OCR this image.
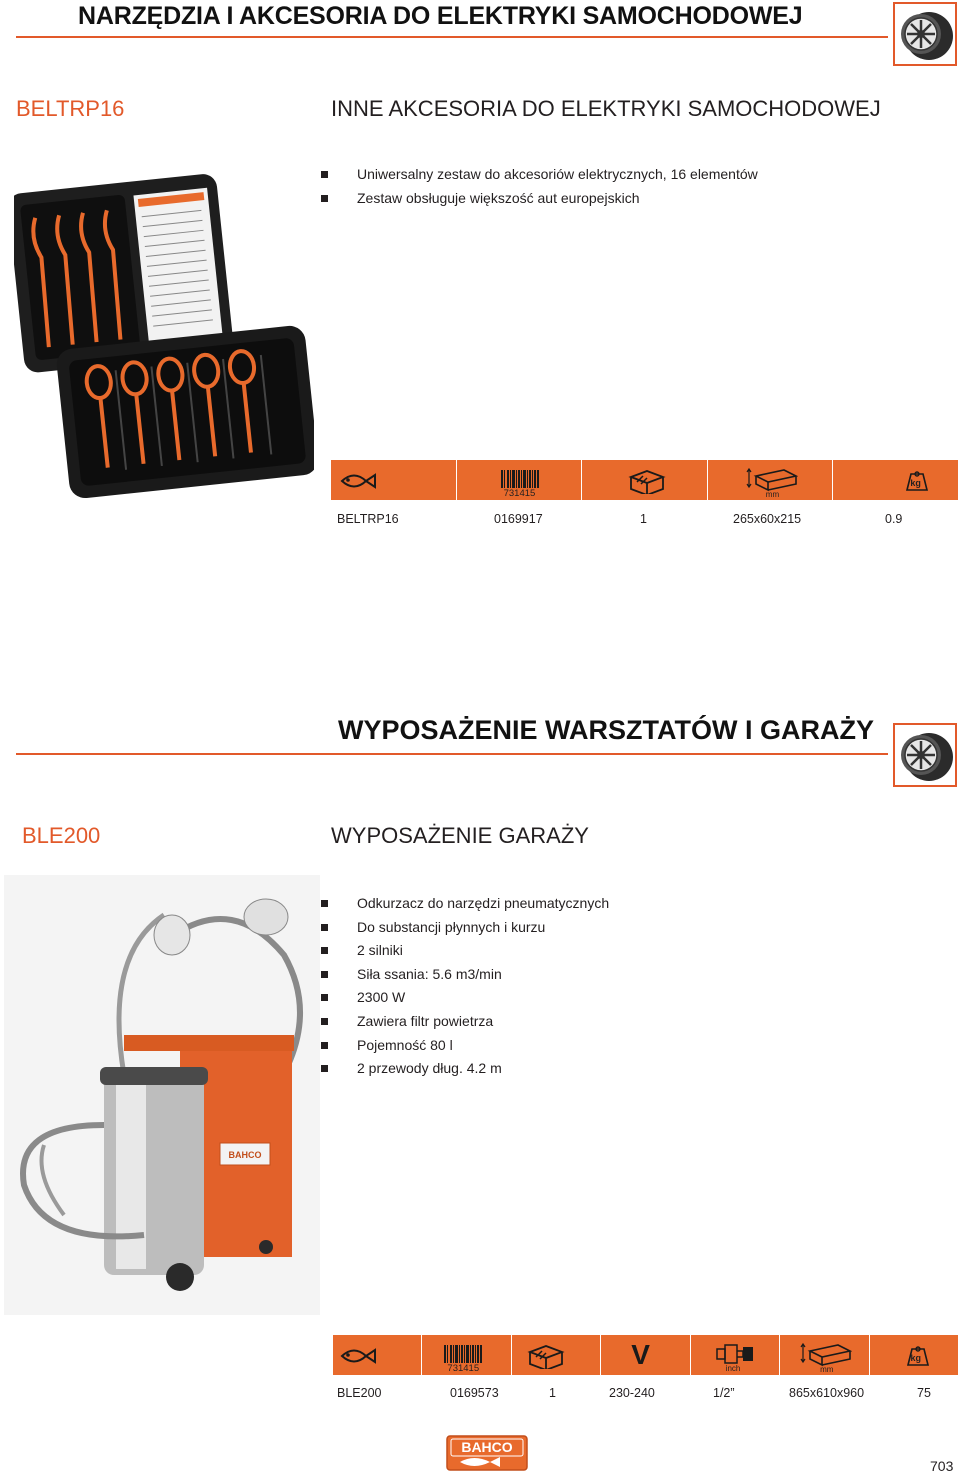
NARZĘDZIA I AKCESORIA DO ELEKTRYKI SAMOCHODOWEJ
BELTRP16	INNE AKCESORIA DO ELEKTRYKI SAMOCHODOWEJ
Uniwersalny zestaw do akcesoriów elektrycznych, 16 elementów
Zestaw obsługuje większość aut europejskich
731415	mm
kg
BELTRP16	0169917	1	265x60x215	0.9
WYPOSAŻENIE WARSZTATÓW I GARAŻY
BLE200	WYPOSAŻENIE GARAŻY
Odkurzacz do narzędzi pneumatycznych
Do substancji płynnych i kurzu
2 silniki
Siła ssania: 5.6 m3/min
2300 W
Zawiera filtr powietrza
Pojemność 80 l
2 przewody dług. 4.2 m
BAHCO
731415	V	inch	mm
kg
BLE200	0169573	1	230-240	1/2”	865x610x960	75
BAHCO
703
